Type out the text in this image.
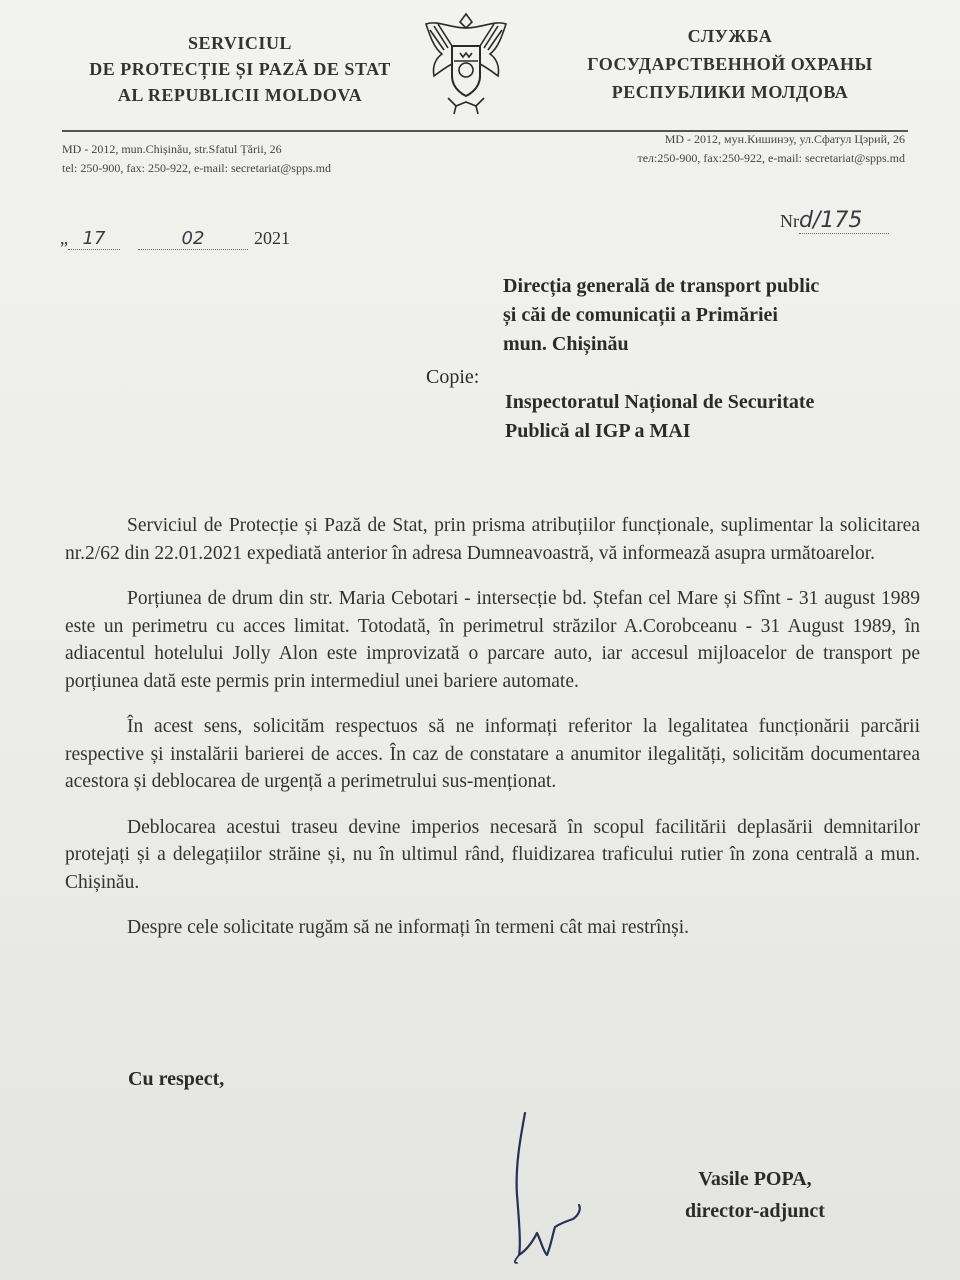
SERVICIUL
DE PROTECȚIE ȘI PAZĂ DE STAT
AL REPUBLICII MOLDOVA
СЛУЖБА
ГОСУДАРСТВЕННОЙ ОХРАНЫ
РЕСПУБЛИКИ МОЛДОВА
MD - 2012, mun.Chișinău, str.Sfatul Țării, 26
tel: 250-900, fax: 250-922, e-mail: secretariat@spps.md
MD - 2012, мун.Кишинэу, ул.Сфатул Цэрий, 26
тел:250-900, fax:250-922, e-mail: secretariat@spps.md
„ 17	02	2021
Nrd/175
Direcția generală de transport public
și căi de comunicații a Primăriei
mun. Chișinău
Copie:
Inspectoratul Național de Securitate
Publică al IGP a MAI

Serviciul de Protecție și Pază de Stat, prin prisma atribuțiilor funcționale, suplimentar la solicitarea nr.2/62 din 22.01.2021 expediată anterior în adresa Dumneavoastră, vă informează asupra următoarelor.

Porțiunea de drum din str. Maria Cebotari - intersecție bd. Ștefan cel Mare și Sfînt - 31 august 1989 este un perimetru cu acces limitat. Totodată, în perimetrul străzilor A.Corobceanu - 31 August 1989, în adiacentul hotelului Jolly Alon este improvizată o parcare auto, iar accesul mijloacelor de transport pe porțiunea dată este permis prin intermediul unei bariere automate.

În acest sens, solicităm respectuos să ne informați referitor la legalitatea funcționării parcării respective și instalării barierei de acces. În caz de constatare a anumitor ilegalități, solicităm documentarea acestora și deblocarea de urgență a perimetrului sus-menționat.

Deblocarea acestui traseu devine imperios necesară în scopul facilitării deplasării demnitarilor protejați și a delegațiilor străine și, nu în ultimul rând, fluidizarea traficului rutier în zona centrală a mun. Chișinău.

Despre cele solicitate rugăm să ne informați în termeni cât mai restrînși.

Cu respect,
Vasile POPA,
director-adjunct
